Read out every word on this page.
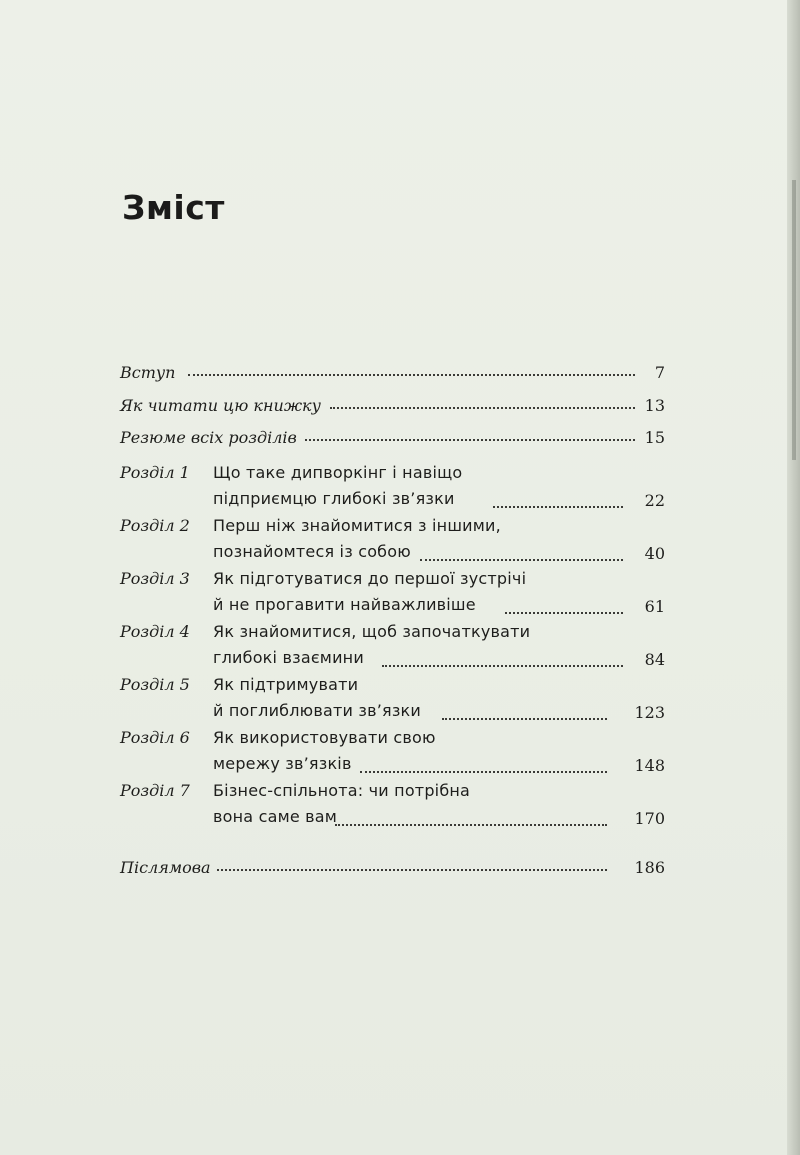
Зміст
Вступ	7
Як читати цю книжку	13
Резюме всіх розділів	15
Розділ 1 Що таке дипворкінг і навіщо
підприємцю глибокі зв’язки	22
Розділ 2 Перш ніж знайомитися з іншими,
познайомтеся із собою	40
Розділ 3 Як підготуватися до першої зустрічі
й не прогавити найважливіше	61
Розділ 4 Як знайомитися, щоб започаткувати
глибокі взаємини	84
Розділ 5 Як підтримувати
й поглиблювати зв’язки	123
Розділ 6 Як використовувати свою
мережу зв’язків	148
Розділ 7 Бізнес-спільнота: чи потрібна
вона саме вам	170
Післямова	186
